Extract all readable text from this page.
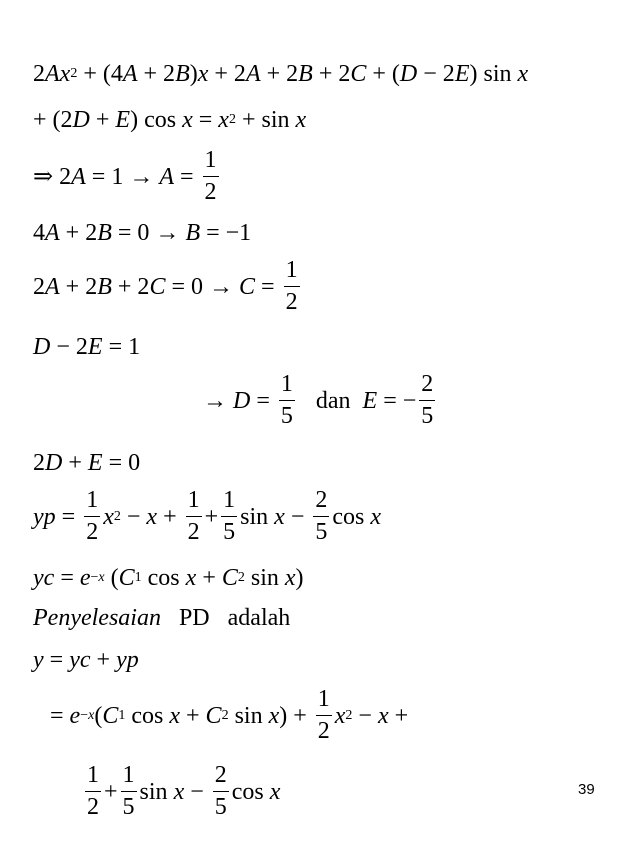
2 Ax 2 + (4 A + 2 B ) x + 2 A + 2 B + 2 C + ( D − 2 E ) sin x
+ (2 D + E ) cos x = x 2 + sin x
⇒ 2 $A = 1 \to A = \frac{1}{2}$
4 A + 2 B = 0 → B = −1
2 A + 2 B + 2 $C = 0 \to C = \frac{1}{2}$
D − 2 E = 1
→ $D = \frac{1}{5}$
dan
E = − $\frac{2}{5}$
2 D + E = 0
yp = $\frac{1}{2}$ x $2 - x + \frac{1}{2} + \frac{1}{5}$ $\sin x - \frac{2}{5}$ cos x
yc = e −x ( C 1 cos x + C 2 sin x )
Penyelesaian
PD
adalah
y = yc + yp
= e −x ( C 1 cos x + C 2 sin x ) + $\frac{1}{2}$ x 2 − x +
$\frac{1}{2} + \frac{1}{5}$ $\sin x - \frac{2}{5}$ cos x	39
